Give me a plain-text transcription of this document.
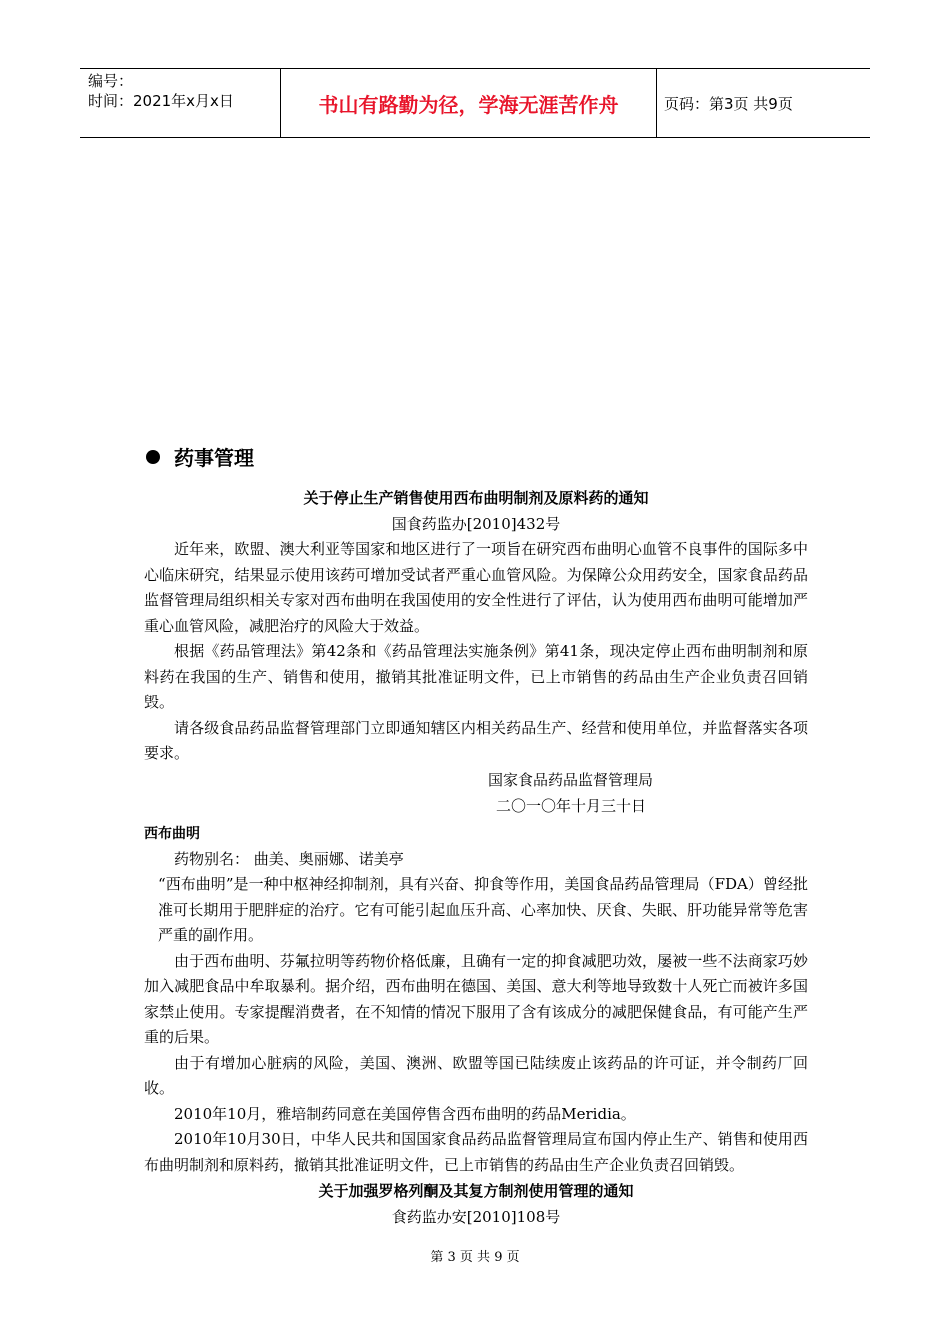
编号：
时间：2021年x月x日	书山有路勤为径，学海无涯苦作舟	页码：第3页 共9页
药事管理
关于停止生产销售使用西布曲明制剂及原料药的通知
国食药监办[2010]432号

近年来，欧盟、澳大利亚等国家和地区进行了一项旨在研究西布曲明心血管不良事件的国际多中心临床研究，结果显示使用该药可增加受试者严重心血管风险。为保障公众用药安全，国家食品药品监督管理局组织相关专家对西布曲明在我国使用的安全性进行了评估，认为使用西布曲明可能增加严重心血管风险，减肥治疗的风险大于效益。

根据《药品管理法》第42条和《药品管理法实施条例》第41条，现决定停止西布曲明制剂和原料药在我国的生产、销售和使用，撤销其批准证明文件，已上市销售的药品由生产企业负责召回销毁。

请各级食品药品监督管理部门立即通知辖区内相关药品生产、经营和使用单位，并监督落实各项要求。

国家食品药品监督管理局
二〇一〇年十月三十日
西布曲明

药物别名： 曲美、奥丽娜、诺美亭

“西布曲明”是一种中枢神经抑制剂，具有兴奋、抑食等作用，美国食品药品管理局（FDA）曾经批准可长期用于肥胖症的治疗。它有可能引起血压升高、心率加快、厌食、失眠、肝功能异常等危害严重的副作用。

由于西布曲明、芬氟拉明等药物价格低廉，且确有一定的抑食减肥功效，屡被一些不法商家巧妙加入减肥食品中牟取暴利。据介绍，西布曲明在德国、美国、意大利等地导致数十人死亡而被许多国家禁止使用。专家提醒消费者，在不知情的情况下服用了含有该成分的减肥保健食品，有可能产生严重的后果。

由于有增加心脏病的风险，美国、澳洲、欧盟等国已陆续废止该药品的许可证，并令制药厂回收。

2010年10月，雅培制药同意在美国停售含西布曲明的药品Meridia。

2010年10月30日，中华人民共和国国家食品药品监督管理局宣布国内停止生产、销售和使用西布曲明制剂和原料药，撤销其批准证明文件，已上市销售的药品由生产企业负责召回销毁。

关于加强罗格列酮及其复方制剂使用管理的通知
食药监办安[2010]108号
第 3 页 共 9 页
